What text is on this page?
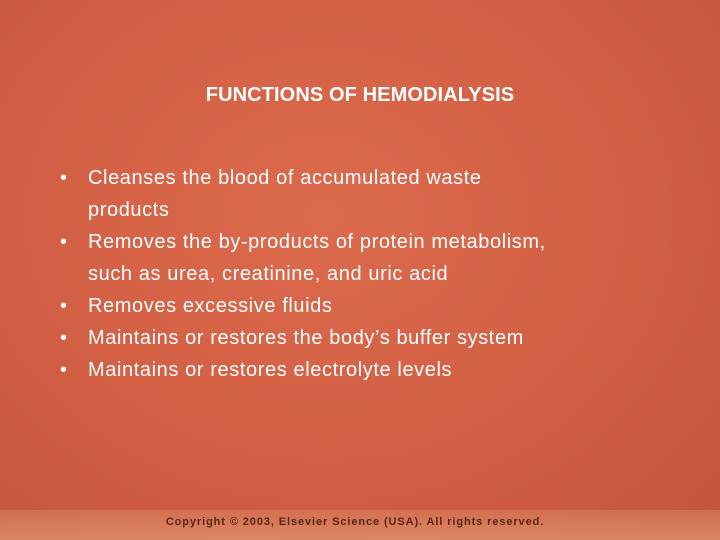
FUNCTIONS OF HEMODIALYSIS
•	Cleanses the blood of accumulated waste
products
•	Removes the by-products of protein metabolism,
such as urea, creatinine, and uric acid
•	Removes excessive fluids
•	Maintains or restores the body’s buffer system
•	Maintains or restores electrolyte levels
Copyright © 2003, Elsevier Science (USA). All rights reserved.
